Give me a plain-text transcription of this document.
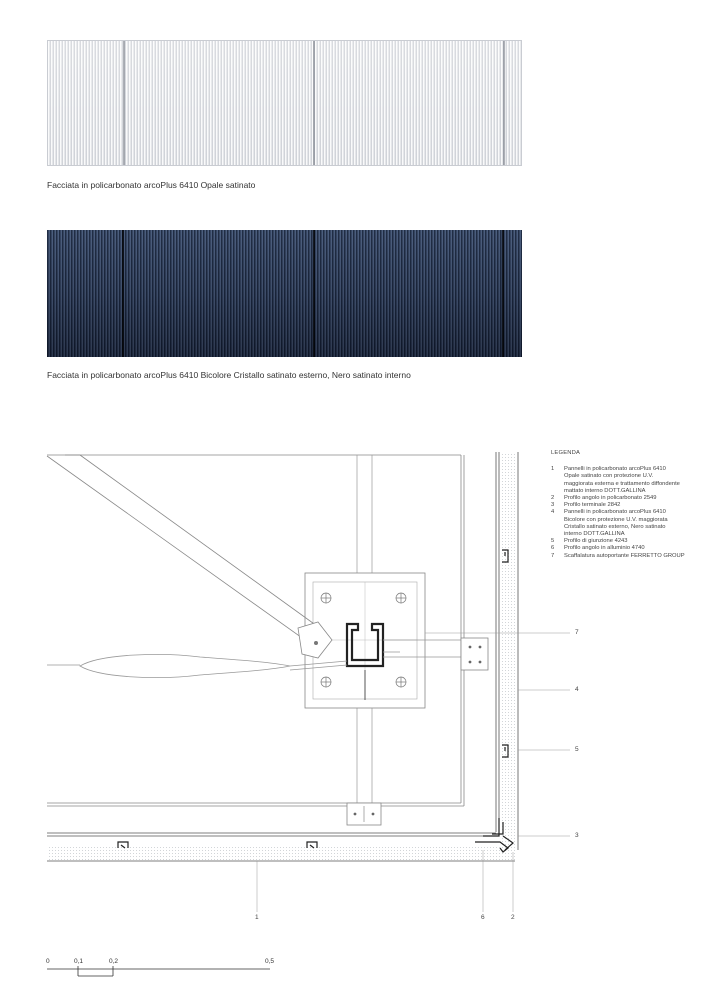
Facciata in policarbonato arcoPlus 6410 Opale satinato
Facciata in policarbonato arcoPlus 6410 Bicolore Cristallo satinato esterno, Nero satinato interno
LEGENDA
1	Pannelli in policarbonato arcoPlus 6410
Opale satinato con protezione U.V.
maggiorata esterna e trattamento diffondente
mattato interno DOTT.GALLINA
2	Profilo angolo in policarbonato 2549
3	Profilo terminale 2842
4	Pannelli in policarbonato arcoPlus 6410
Bicolore con protezione U.V. maggiorata
Cristallo satinato esterno, Nero satinato
interno DOTT.GALLINA
5	Profilo di giunzione 4243
6	Profilo angolo in alluminio 4740
7	Scaffalatura autoportante FERRETTO GROUP
7
4
5
3
1	6	2
0	0,1	0,2	0,5
